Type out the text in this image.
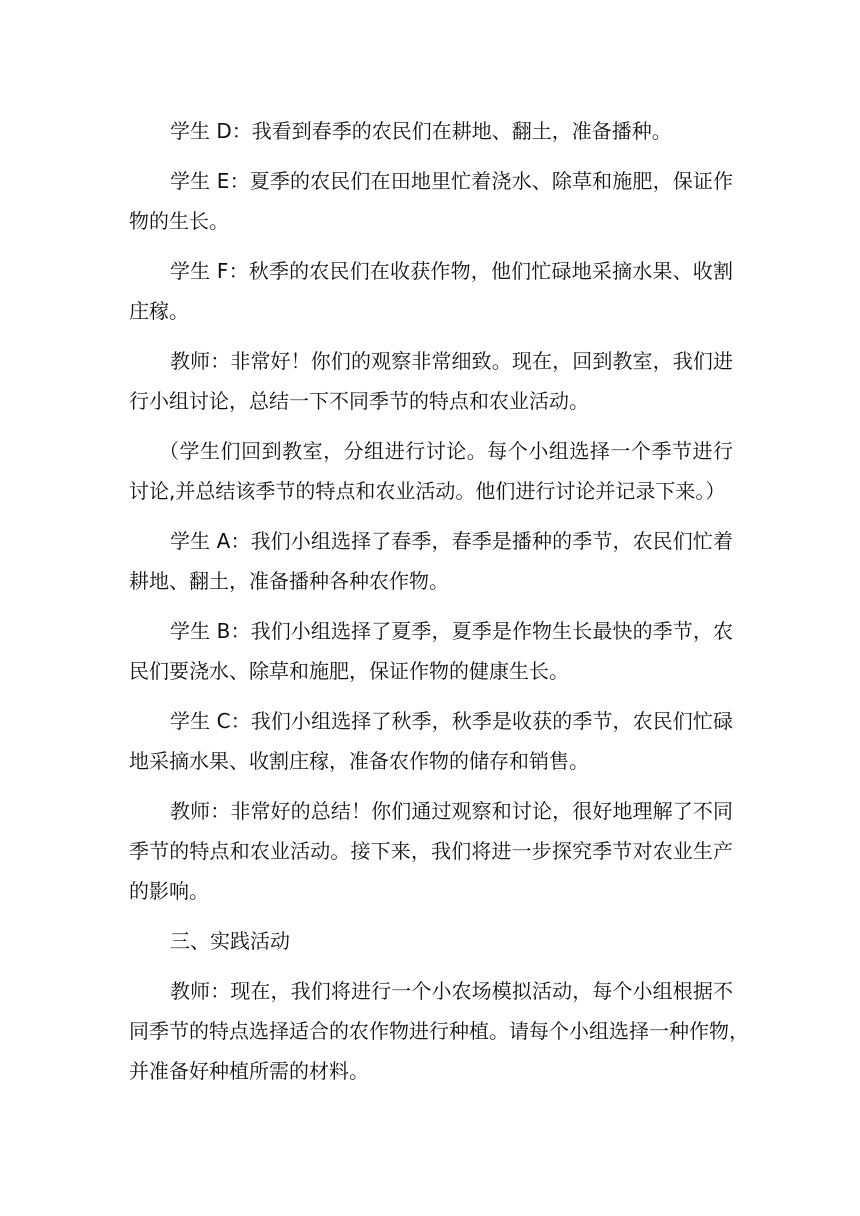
学生 D：我看到春季的农民们在耕地、翻土，准备播种。
学生 E：夏季的农民们在田地里忙着浇水、除草和施肥，保证作
物的生长。
学生 F：秋季的农民们在收获作物，他们忙碌地采摘水果、收割
庄稼。
教师：非常好！你们的观察非常细致。现在，回到教室，我们进
行小组讨论，总结一下不同季节的特点和农业活动。
（学生们回到教室，分组进行讨论。每个小组选择一个季节进行
讨论,并总结该季节的特点和农业活动。他们进行讨论并记录下来。）
学生 A：我们小组选择了春季，春季是播种的季节，农民们忙着
耕地、翻土，准备播种各种农作物。
学生 B：我们小组选择了夏季，夏季是作物生长最快的季节，农
民们要浇水、除草和施肥，保证作物的健康生长。
学生 C：我们小组选择了秋季，秋季是收获的季节，农民们忙碌
地采摘水果、收割庄稼，准备农作物的储存和销售。
教师：非常好的总结！你们通过观察和讨论，很好地理解了不同
季节的特点和农业活动。接下来，我们将进一步探究季节对农业生产
的影响。
三、实践活动
教师：现在，我们将进行一个小农场模拟活动，每个小组根据不
同季节的特点选择适合的农作物进行种植。请每个小组选择一种作物，
并准备好种植所需的材料。
